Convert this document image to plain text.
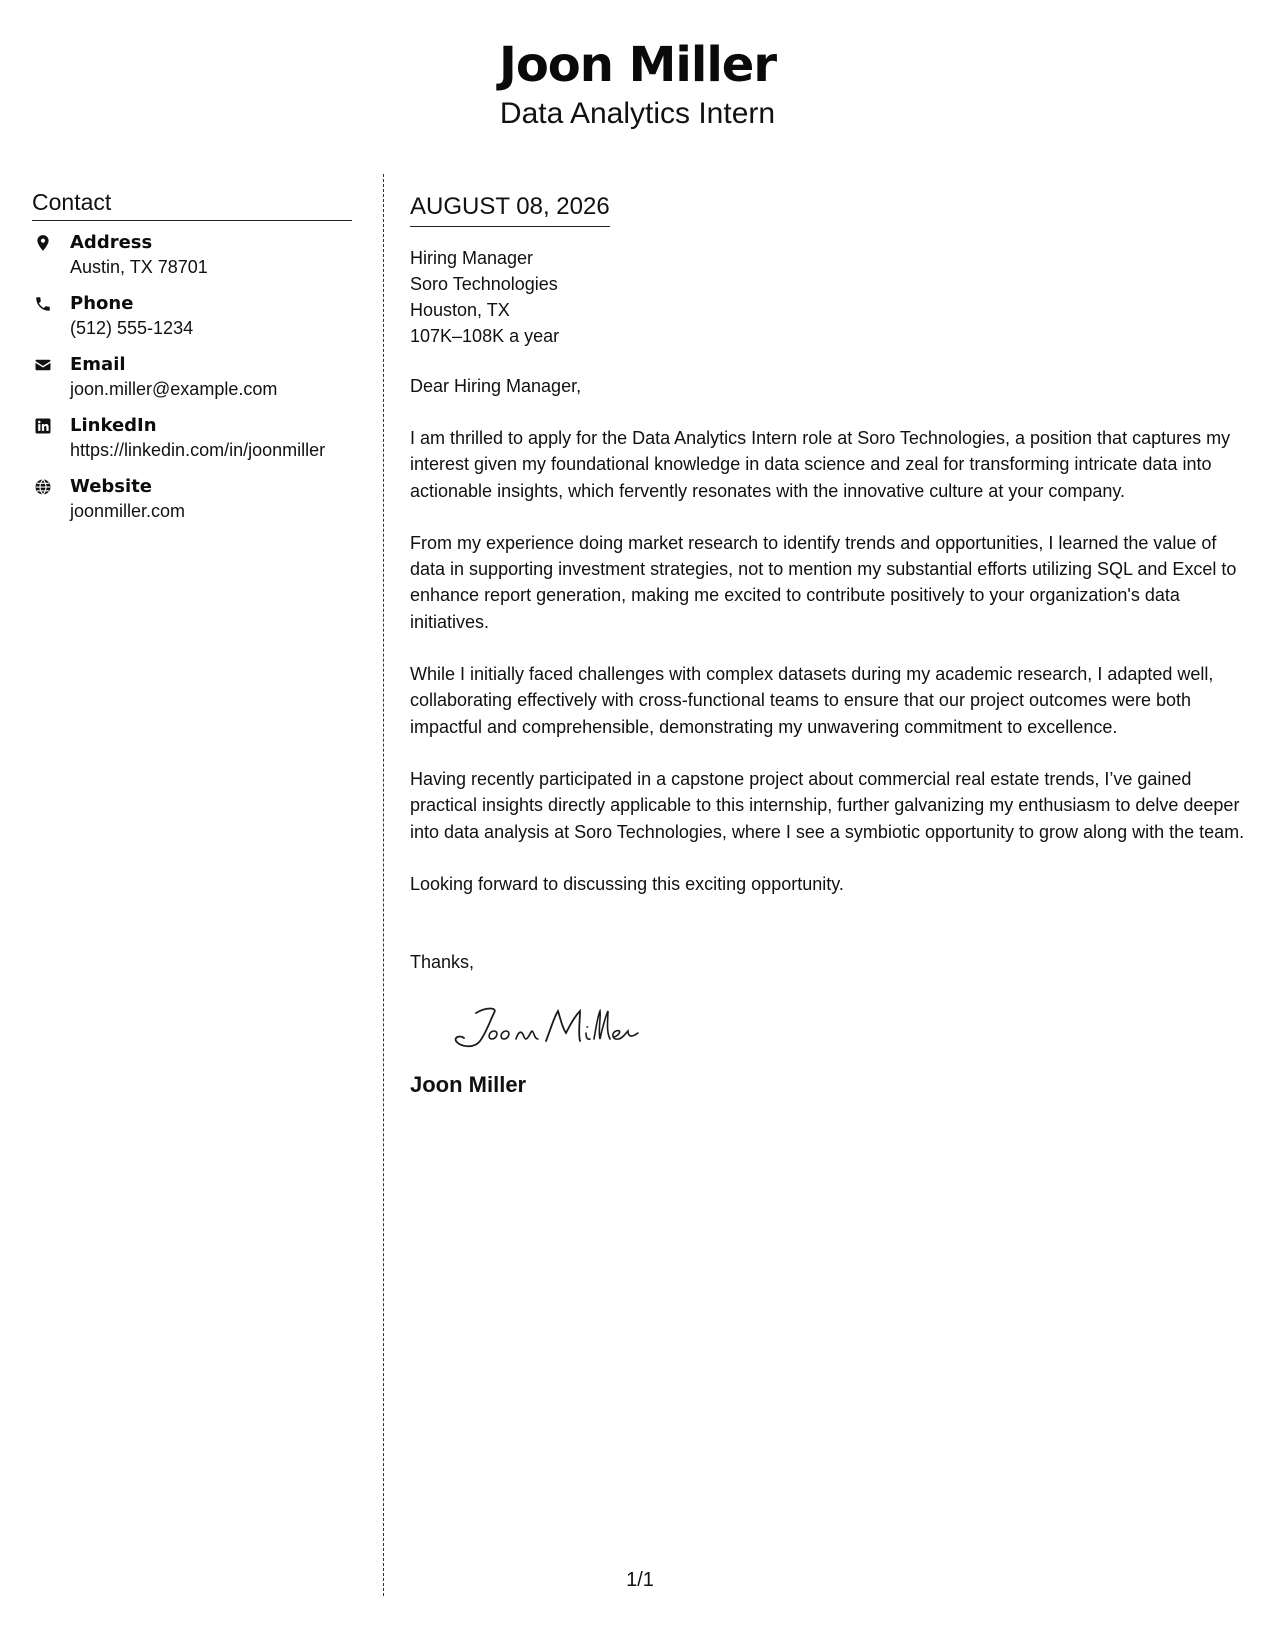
Joon Miller
Data Analytics Intern
Contact
Address
Austin, TX 78701
Phone
(512) 555-1234
Email
joon.miller@example.com
LinkedIn
https://linkedin.com/in/joonmiller
Website
joonmiller.com
AUGUST 08, 2026
Hiring Manager
Soro Technologies
Houston, TX
107K–108K a year
Dear Hiring Manager,
I am thrilled to apply for the Data Analytics Intern role at Soro Technologies, a position that captures my interest given my foundational knowledge in data science and zeal for transforming intricate data into actionable insights, which fervently resonates with the innovative culture at your company.
From my experience doing market research to identify trends and opportunities, I learned the value of data in supporting investment strategies, not to mention my substantial efforts utilizing SQL and Excel to enhance report generation, making me excited to contribute positively to your organization's data initiatives.
While I initially faced challenges with complex datasets during my academic research, I adapted well, collaborating effectively with cross-functional teams to ensure that our project outcomes were both impactful and comprehensible, demonstrating my unwavering commitment to excellence.
Having recently participated in a capstone project about commercial real estate trends, I’ve gained practical insights directly applicable to this internship, further galvanizing my enthusiasm to delve deeper into data analysis at Soro Technologies, where I see a symbiotic opportunity to grow along with the team.
Looking forward to discussing this exciting opportunity.
Thanks,
Joon Miller
1/1
